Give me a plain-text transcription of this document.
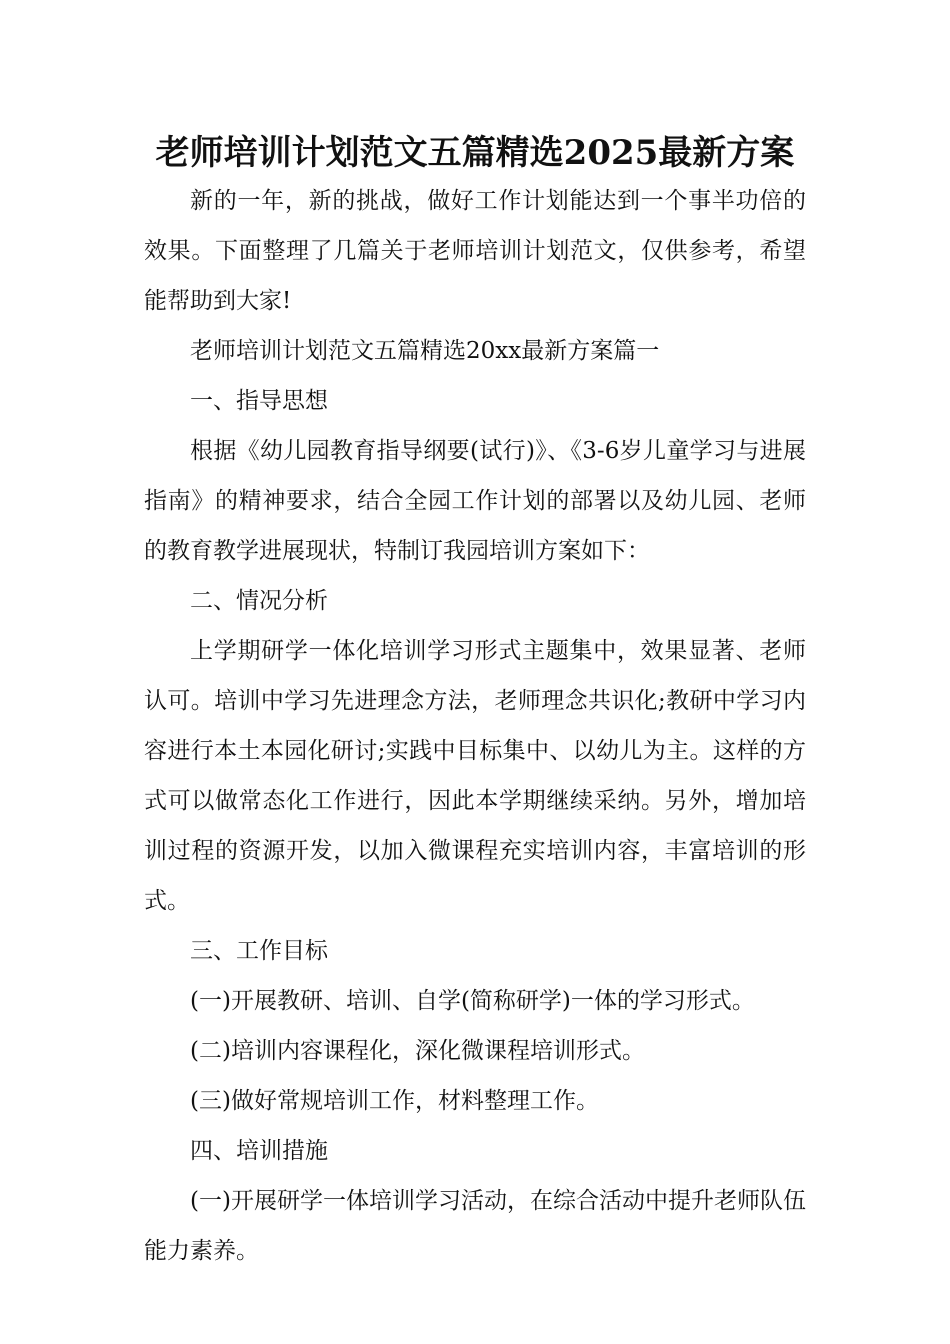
老师培训计划范文五篇精选2025最新方案

新的一年，新的挑战，做好工作计划能达到一个事半功倍的效果。下面整理了几篇关于老师培训计划范文，仅供参考，希望能帮助到大家!

老师培训计划范文五篇精选20xx最新方案篇一

一、指导思想

根据《幼儿园教育指导纲要(试行)》、《3-6岁儿童学习与进展指南》的精神要求，结合全园工作计划的部署以及幼儿园、老师的教育教学进展现状，特制订我园培训方案如下：

二、情况分析

上学期研学一体化培训学习形式主题集中，效果显著、老师认可。培训中学习先进理念方法，老师理念共识化;教研中学习内容进行本土本园化研讨;实践中目标集中、以幼儿为主。这样的方式可以做常态化工作进行，因此本学期继续采纳。另外，增加培训过程的资源开发，以加入微课程充实培训内容，丰富培训的形式。

三、工作目标

(一)开展教研、培训、自学(简称研学)一体的学习形式。

(二)培训内容课程化，深化微课程培训形式。

(三)做好常规培训工作，材料整理工作。

四、培训措施

(一)开展研学一体培训学习活动，在综合活动中提升老师队伍能力素养。
